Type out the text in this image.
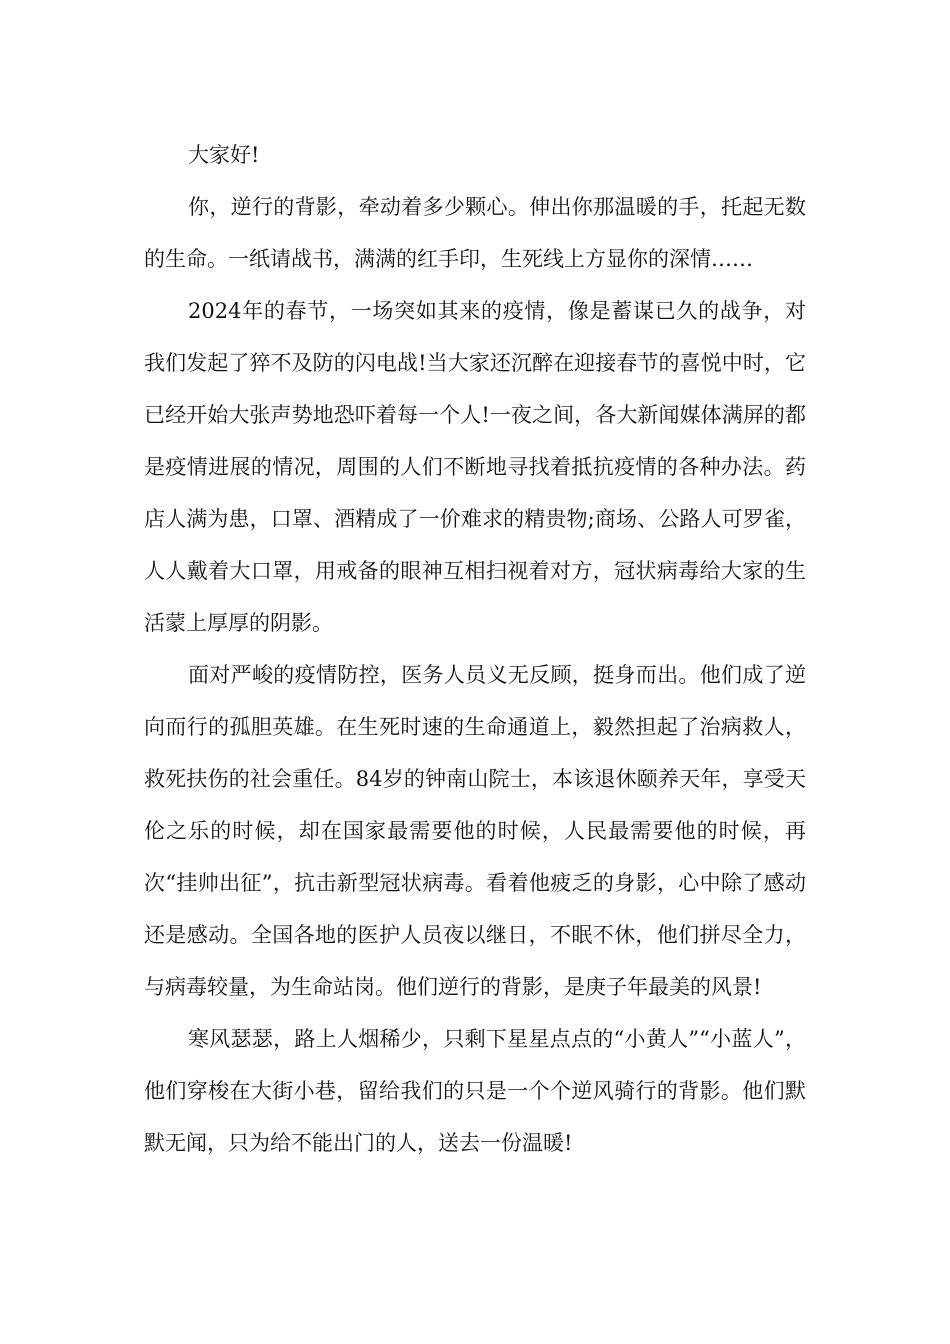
大家好!

你，逆行的背影，牵动着多少颗心。伸出你那温暖的手，托起无数的生命。一纸请战书，满满的红手印，生死线上方显你的深情……

2024年的春节，一场突如其来的疫情，像是蓄谋已久的战争，对我们发起了猝不及防的闪电战!当大家还沉醉在迎接春节的喜悦中时，它已经开始大张声势地恐吓着每一个人!一夜之间，各大新闻媒体满屏的都是疫情进展的情况，周围的人们不断地寻找着抵抗疫情的各种办法。药店人满为患，口罩、酒精成了一价难求的精贵物;商场、公路人可罗雀，人人戴着大口罩，用戒备的眼神互相扫视着对方，冠状病毒给大家的生活蒙上厚厚的阴影。

面对严峻的疫情防控，医务人员义无反顾，挺身而出。他们成了逆向而行的孤胆英雄。在生死时速的生命通道上，毅然担起了治病救人，救死扶伤的社会重任。84岁的钟南山院士，本该退休颐养天年，享受天伦之乐的时候，却在国家最需要他的时候，人民最需要他的时候，再次“挂帅出征”，抗击新型冠状病毒。看着他疲乏的身影，心中除了感动还是感动。全国各地的医护人员夜以继日，不眠不休，他们拼尽全力，与病毒较量，为生命站岗。他们逆行的背影，是庚子年最美的风景!

寒风瑟瑟，路上人烟稀少，只剩下星星点点的“小黄人”“小蓝人”，他们穿梭在大街小巷，留给我们的只是一个个逆风骑行的背影。他们默默无闻，只为给不能出门的人，送去一份温暖!
